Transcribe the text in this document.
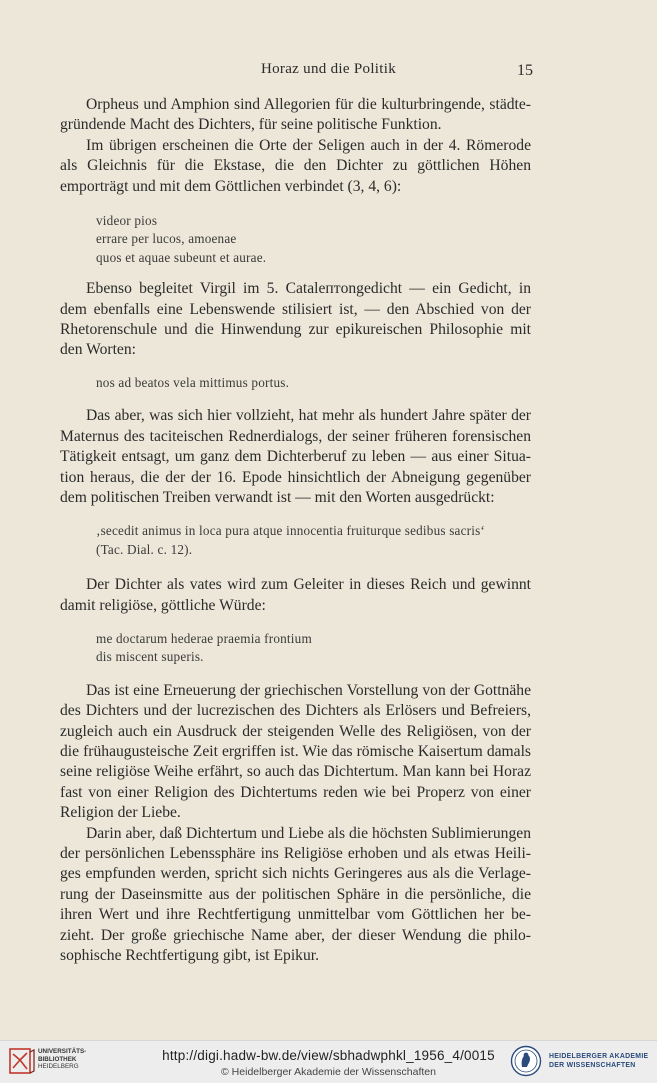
Horaz und die Politik	15

Orpheus und Amphion sind Allegorien für die kulturbringende, städtegründende Macht des Dichters, für seine politische Funktion.

Im übrigen erscheinen die Orte der Seligen auch in der 4. Römerode als Gleichnis für die Ekstase, die den Dichter zu göttlichen Höhen emporträgt und mit dem Göttlichen verbindet (3, 4, 6):

videor pios
errare per lucos, amoenae
quos et aquae subeunt et aurae.

Ebenso begleitet Virgil im 5. Catalептongedicht — ein Gedicht, in dem ebenfalls eine Lebenswende stilisiert ist, — den Abschied von der Rhetorenschule und die Hinwendung zur epikureischen Philosophie mit den Worten:

nos ad beatos vela mittimus portus.

Das aber, was sich hier vollzieht, hat mehr als hundert Jahre später der Maternus des taciteischen Rednerdialogs, der seiner früheren forensischen Tätigkeit entsagt, um ganz dem Dichterberuf zu leben — aus einer Situation heraus, die der der 16. Epode hinsichtlich der Abneigung gegenüber dem politischen Treiben verwandt ist — mit den Worten ausgedrückt:

‚secedit animus in loca pura atque innocentia fruiturque sedibus sacris‘
(Tac. Dial. c. 12).

Der Dichter als vates wird zum Geleiter in dieses Reich und gewinnt damit religiöse, göttliche Würde:

me doctarum hederae praemia frontium
dis miscent superis.

Das ist eine Erneuerung der griechischen Vorstellung von der Gottnähe des Dichters und der lucrezischen des Dichters als Erlösers und Befreiers, zugleich auch ein Ausdruck der steigenden Welle des Religiösen, von der die frühaugusteische Zeit ergriffen ist. Wie das römische Kaisertum damals seine religiöse Weihe erfährt, so auch das Dichtertum. Man kann bei Horaz fast von einer Religion des Dichtertums reden wie bei Properz von einer Religion der Liebe.

Darin aber, daß Dichtertum und Liebe als die höchsten Sublimierungen der persönlichen Lebenssphäre ins Religiöse erhoben und als etwas Heiliges empfunden werden, spricht sich nichts Geringeres aus als die Verlagerung der Daseinsmitte aus der politischen Sphäre in die persönliche, die ihren Wert und ihre Rechtfertigung unmittelbar vom Göttlichen her bezieht. Der große griechische Name aber, der dieser Wendung die philosophische Rechtfertigung gibt, ist Epikur.

UNIVERSITÄTS-
BIBLIOTHEK
HEIDELBERG
http://digi.hadw-bw.de/view/sbhadwphkl_1956_4/0015
© Heidelberger Akademie der Wissenschaften
HEIDELBERGER AKADEMIE
DER WISSENSCHAFTEN
